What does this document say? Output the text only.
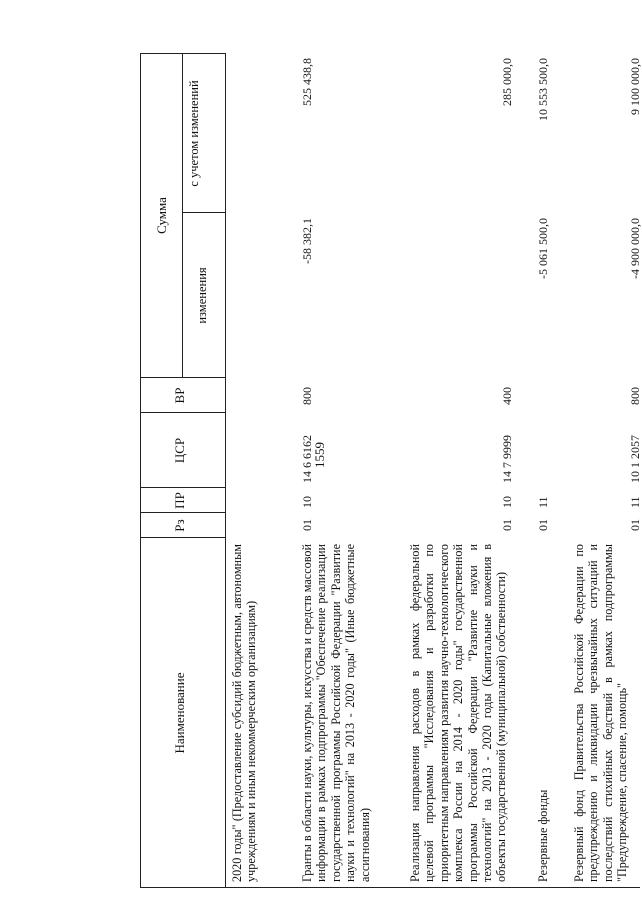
1559
Наименование
Рз
ПР
ЦСР
ВР
Сумма
изменения
с учетом изменений
2020 годы" (Предоставление субсидий бюджетным, автономным учреждениям и иным некоммерческим организациям)	Гранты в области науки, культуры, искусства и средств массовой информации в рамках подпрограммы "Обеспечение реализации государственной программы Российской Федерации "Развитие науки и технологий" на 2013 - 2020 годы" (Иные бюджетные ассигнования)
01
10
14 6 6162
800
-58 382,1
525 438,8
Реализация направления расходов в рамках федеральной целевой программы "Исследования и разработки по приоритетным направлениям развития научно-технологического комплекса России на 2014 - 2020 годы" государственной программы Российской Федерации "Развитие науки и технологий" на 2013 - 2020 годы (Капитальные вложения в объекты государственной (муниципальной) собственности)
01
10
14 7 9999
400
285 000,0
Резервные фонды
01
11
-5 061 500,0
10 553 500,0
Резервный фонд Правительства Российской Федерации по предупреждению и ликвидации чрезвычайных ситуаций и последствий стихийных бедствий в рамках подпрограммы "Предупреждение, спасение, помощь"
01
11
10 1 2057
800
-4 900 000,0
9 100 000,0
